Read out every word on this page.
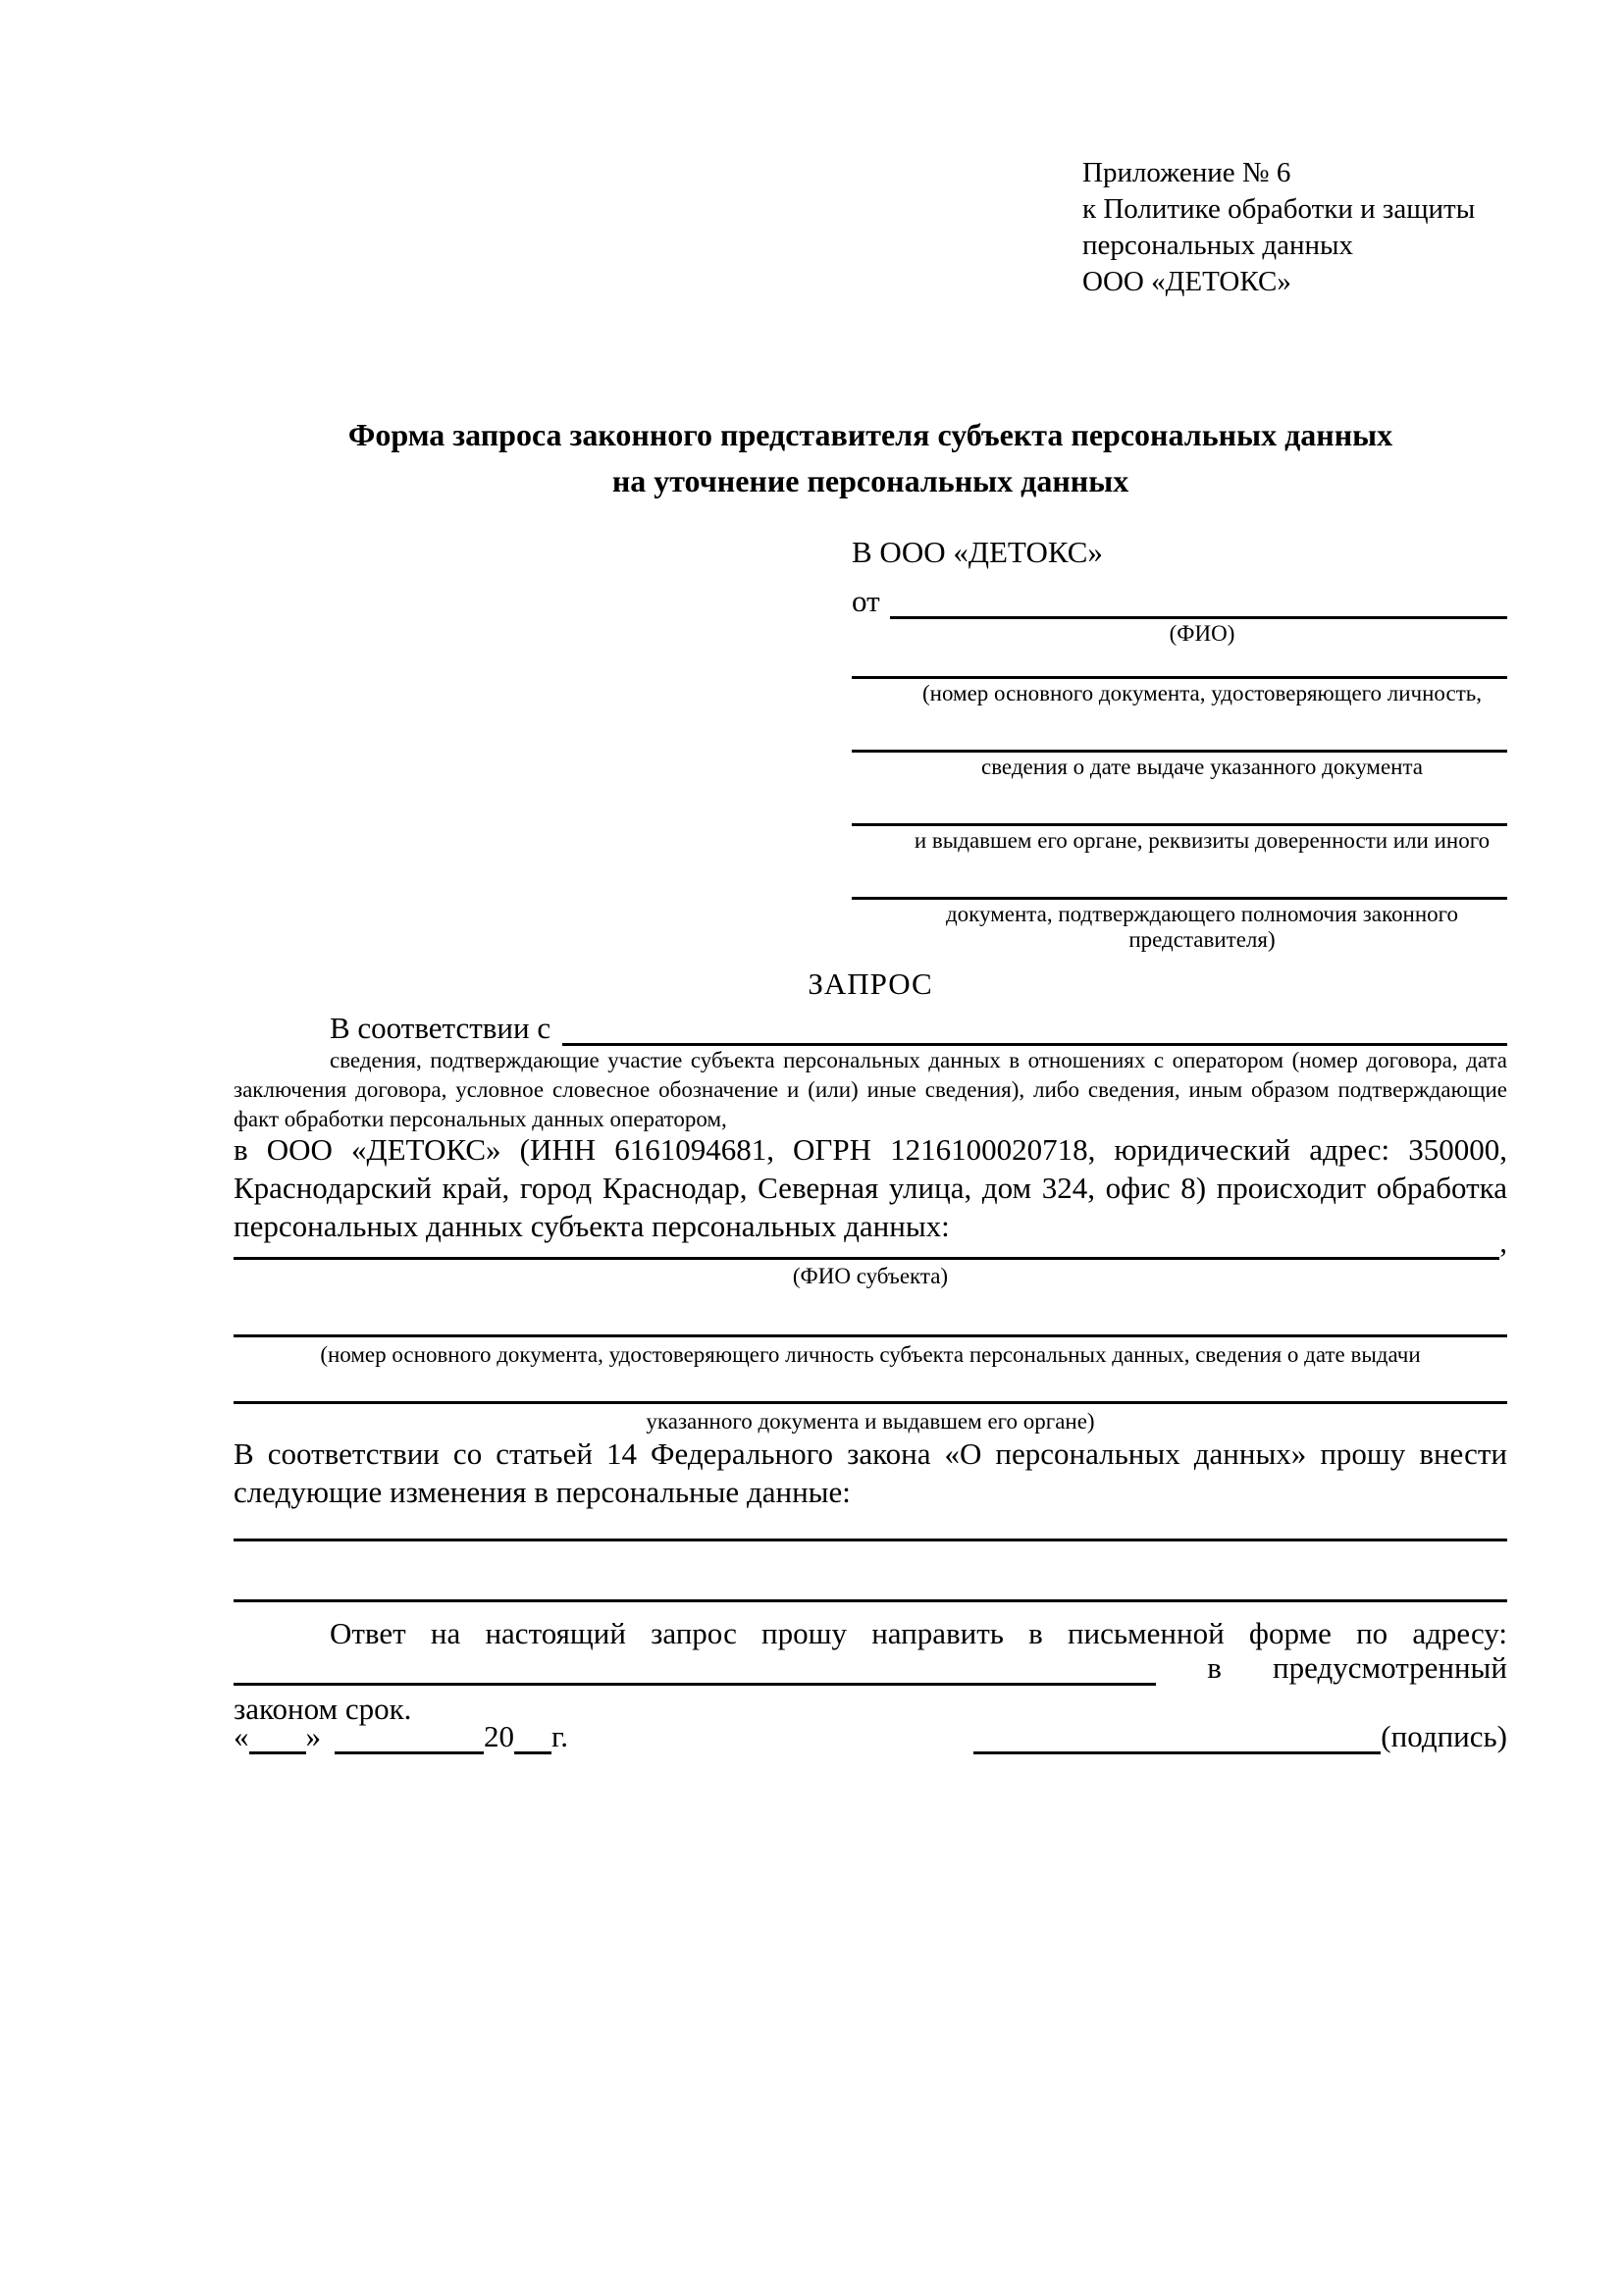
Приложение № 6
к Политике обработки и защиты
персональных данных
ООО «ДЕТОКС»
Форма запроса законного представителя субъекта персональных данных
на уточнение персональных данных
В ООО «ДЕТОКС»
от
(ФИО)
(номер основного документа, удостоверяющего личность,
сведения о дате выдаче указанного документа
и выдавшем его органе, реквизиты доверенности или иного
документа, подтверждающего полномочия законного представителя)
ЗАПРОС
В соответствии с
сведения, подтверждающие участие субъекта персональных данных в отношениях с оператором (номер договора, дата заключения договора, условное словесное обозначение и (или) иные сведения), либо сведения, иным образом подтверждающие факт обработки персональных данных оператором,
в ООО «ДЕТОКС» (ИНН 6161094681, ОГРН 1216100020718, юридический адрес: 350000, Краснодарский край, город Краснодар, Северная улица, дом 324, офис 8) происходит обработка персональных данных субъекта персональных данных:	,
(ФИО субъекта)
(номер основного документа, удостоверяющего личность субъекта персональных данных, сведения о дате выдачи
указанного документа и выдавшем его органе)
В соответствии со статьей 14 Федерального закона «О персональных данных» прошу внести следующие изменения в персональные данные:
Ответ на настоящий запрос прошу направить в письменной форме по адресу:
в предусмотренный
законом срок.
« »	20 г.	(подпись)
